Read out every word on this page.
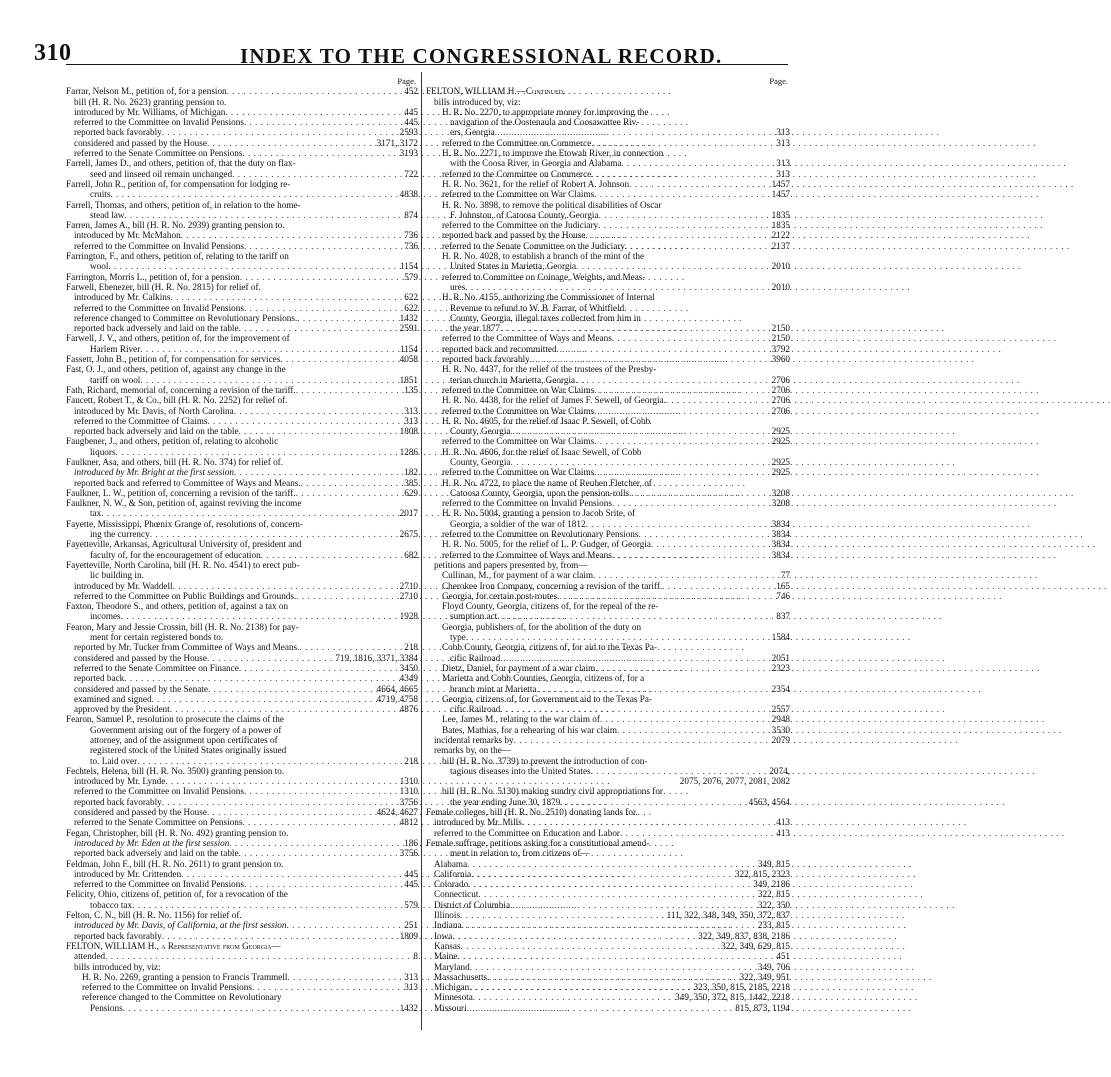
310	INDEX TO THE CONGRESSIONAL RECORD.
Page.
Farrar, Nelson M., petition of, for a pension . . .	452
bill (H. R. No. 2623) granting pension to.
introduced by Mr. Williams, of Michigan . . .	445
referred to the Committee on Invalid Pensions . . .	445
reported back favorably . . .	2593
considered and passed by the House . . .	3171, 3172
referred to the Senate Committee on Pensions . . .	3193
Farrell, James D., and others, petition of, that the duty on flax-
seed and linseed oil remain unchanged . . .	722
Farrell, John R., petition of, for compensation for lodging re-
cruits . . .	4838
Farrell, Thomas, and others, petition of, in relation to the home-
stead law . . .	874
Farren, James A., bill (H. R. No. 2939) granting pension to.
introduced by Mr. McMahon . . .	736
referred to the Committee on Invalid Pensions . . .	736
Farrington, F., and others, petition of, relating to the tariff on
wool . . .	1154
Farrington, Morris L., petition of, for a pension . . .	579
Farwell, Ebenezer, bill (H. R. No. 2815) for relief of.
introduced by Mr. Calkins . . .	622
referred to the Committee on Invalid Pensions . . .	622
reference changed to Committee on Revolutionary Pensions. . . .	1432
reported back adversely and laid on the table . . .	2591
Farwell, J. V., and others, petition of, for the improvement of
Harlem River . . .	1154
Fassett, John B., petition of, for compensation for services . . .	4058
Fast, O. J., and others, petition of, against any change in the
tariff on wool . . .	1851
Fath, Richard, memorial of, concerning a revision of the tariff. . . .	135
Faucett, Robert T., & Co., bill (H. R. No. 2252) for relief of.
introduced by Mr. Davis, of North Carolina . . .	313
referred to the Committee of Claims . . .	313
reported back adversely and laid on the table . . .	1808
Faugbener, J., and others, petition of, relating to alcoholic
liquors . . .	1286
Faulkner, Asa, and others, bill (H. R. No. 374) for relief of.
introduced by Mr. Bright at the first session . . .	182
reported back and referred to Committee of Ways and Means. . . .	385
Faulkner, L. W., petition of, concerning a revision of the tariff. . . .	629
Faulkner, N. W., & Son, petition of, against reviving the income
tax . . .	2017
Fayette, Mississippi, Phœnix Grange of, resolutions of, concern-
ing the currency . . .	2675
Fayetteville, Arkansas, Agricultural University of, president and
faculty of, for the encouragement of education . . .	682
Fayetteville, North Carolina, bill (H. R. No. 4541) to erect pub-
lic building in.
introduced by Mr. Waddell . . .	2710
referred to the Committee on Public Buildings and Grounds. . . .	2710
Faxton, Theodore S., and others, petition of, against a tax on
incomes . . .	1928
Fearon, Mary and Jessie Crossin, bill (H. R. No. 2138) for pay-
ment for certain registered bonds to.
reported by Mr. Tucker from Committee of Ways and Means. . . .	218
considered and passed by the House . . .	719, 1816, 3371, 3384
referred to the Senate Committee on Finance . . .	3450
reported back . . .	4349
considered and passed by the Senate . . .	4664, 4665
examined and signed . . .	4719, 4758
approved by the President . . .	4876
Fearon, Samuel P., resolution to prosecute the claims of the
Government arising out of the forgery of a power of
attorney, and of the assignment upon certificates of
registered stock of the United States originally issued
to. Laid over . . .	218
Fechtels, Helena, bill (H. R. No. 3500) granting pension to.
introduced by Mr. Lynde . . .	1310
referred to the Committee on Invalid Pensions . . .	1310
reported back favorably . . .	3756
considered and passed by the House . . .	4624, 4627
referred to the Senate Committee on Pensions . . .	4812
Fegan, Christopher, bill (H. R. No. 492) granting pension to.
introduced by Mr. Eden at the first session . . .	186
reported back adversely and laid on the table . . .	3756
Feldman, John F., bill (H. R. No. 2611) to grant pension to.
introduced by Mr. Crittenden . . .	445
referred to the Committee on Invalid Pensions . . .	445
Felicity, Ohio, citizens of, petition of, for a revocation of the
tobacco tax . . .	579
Felton, C. N., bill (H. R. No. 1156) for relief of.
introduced by Mr. Davis, of California, at the first session . . .	251
reported back favorably . . .	1809
FELTON, WILLIAM H., a Representative from Georgia—
attended . . .	8
bills introduced by, viz:
H. R. No. 2269, granting a pension to Francis Trammell . . .	313
referred to the Committee on Invalid Pensions . . .	313
reference changed to the Committee on Revolutionary
Pensions . . .	1432
Page.
FELTON, WILLIAM H.—Continued.
bills introduced by, viz:
H. R. No. 2270, to appropriate money for improving the
navigation of the Oostenaula and Coosawattee Riv-
ers, Georgia . . .	313
referred to the Committee on Commerce . . .	313
H. R. No. 2271, to improve the Etowah River, in connection
with the Coosa River, in Georgia and Alabama . . .	313
referred to the Committee on Commerce . . .	313
H. R. No. 3621, for the relief of Robert A. Johnson . . .	1457
referred to the Committee on War Claims . . .	1457
H. R. No. 3898, to remove the political disabilities of Oscar
F. Johnston, of Catoosa County, Georgia . . .	1835
referred to the Committee on the Judiciary . . .	1835
reported back and passed by the House . . .	2122
referred to the Senate Committee on the Judiciary . . .	2137
H. R. No. 4028, to establish a branch of the mint of the
United States in Marietta, Georgia . . .	2010
referred to Committee on Coinage, Weights, and Meas-
ures . . .	2010
H. R. No. 4155, authorizing the Commissioner of Internal
Revenue to refund to W. B. Farrar, of Whitfield
County, Georgia, illegal taxes collected from him in
the year 1877 . . .	2150
referred to the Committee of Ways and Means . . .	2150
reported back and recommitted . . .	3792
reported back favorably . . .	3960
H. R. No. 4437, for the relief of the trustees of the Presby-
terian church in Marietta, Georgia . . .	2706
referred to the Committee on War Claims . . .	2706
H. R. No. 4438, for the relief of James F. Sewell, of Georgia. . . .	2706
referred to the Committee on War Claims . . .	2706
H. R. No. 4605, for the relief of Isaac P. Sewell, of Cobb
County, Georgia . . .	2925
referred to the Committee on War Claims . . .	2925
H. R. No. 4606, for the relief of Isaac Sewell, of Cobb
County, Georgia . . .	2925
referred to the Committee on War Claims . . .	2925
H. R. No. 4722, to place the name of Reuben Fletcher, of
Catoosa County, Georgia, upon the pension-rolls . . .	3208
referred to the Committee on Invalid Pensions . . .	3208
H. R. No. 5004, granting a pension to Jacob Srite, of
Georgia, a soldier of the war of 1812 . . .	3834
referred to the Committee on Revolutionary Pensions . . .	3834
H. R. No. 5005, for the relief of L. P. Gudger, of Georgia . . .	3834
referred to the Committee of Ways and Means . . .	3834
petitions and papers presented by, from—
Cullinan, M., for payment of a war claim . . .	77
Cherokee Iron Company, concerning a revision of the tariff. . . .	165
Georgia, for certain post-routes . . .	746
Floyd County, Georgia, citizens of, for the repeal of the re-
sumption act . . .	837
Georgia, publishers of, for the abolition of the duty on
type . . .	1584
Cobb County, Georgia, citizens of, for aid to the Texas Pa-
cific Railroad . . .	2051
Dietz, Daniel, for payment of a war claim . . .	2323
Marietta and Cobb Counties, Georgia, citizens of, for a
branch mint at Marietta . . .	2354
Georgia, citizens of, for Government aid to the Texas Pa-
cific Railroad . . .	2557
Lee, James M., relating to the war claim of . . .	2948
Bates, Mathias, for a rehearing of his war claim . . .	3530
incidental remarks by . . .	2079
remarks by, on the—
bill (H. R. No. 3739) to prevent the introduction of con-
tagious diseases into the United States . . .	2074,
2075, 2076, 2077, 2081, 2082
bill (H. R. No. 5130) making sundry civil appropriations for
the year ending June 30, 1879 . . .	4563, 4564
Female colleges, bill (H. R. No. 2510) donating lands for.
introduced by Mr. Mills . . .	413
referred to the Committee on Education and Labor . . .	413
Female suffrage, petitions asking for a constitutional amend-
ment in relation to, from citizens of—
Alabama . . .	349, 815
California . . .	322, 815, 2323
Colorado . . .	349, 2186
Connecticut . . .	322, 815
District of Columbia . . .	322, 350
Illinois . . .	111, 322, 348, 349, 350, 372, 837
Indiana . . .	233, 815
Iowa . . .	322, 349, 837, 838, 2186
Kansas . . .	322, 349, 629, 815
Maine . . .	451
Maryland . . .	349, 706
Massachusetts . . .	322, 349, 951
Michigan . . .	323, 350, 815, 2185, 2218
Minnesota . . .	349, 350, 372, 815, 1442, 2218
Missouri . . .	815, 873, 1194
